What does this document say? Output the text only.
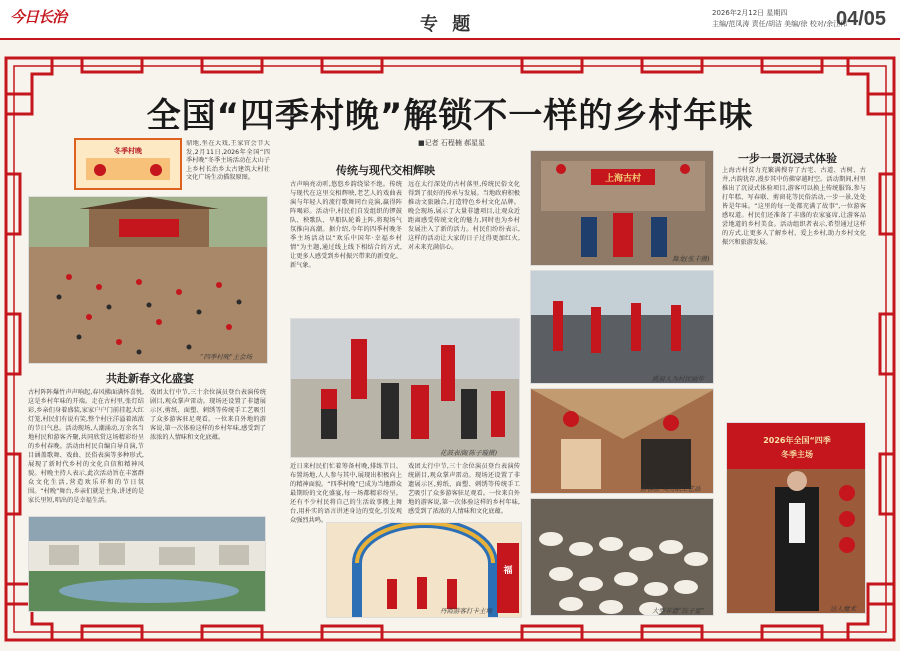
今日长治	专 题
2026年2月12日 星期四
主编/范凤涛 责任/胡洁 美编/徐 校对/余江伟
04/05
全国“四季村晚”解锁不一样的乡村年味
■记者 石程楠 郝星星
冬季村晚
鼎地,坐在大戏,王家官会节大发,2月11日,2026年全国“四季村晚”冬季主场活动在大山子上乡村长治乡太古建筑大村社文化广场生动描叙原图。
“四季村晚”主会场
共赴新春文化盛宴
古村阵阵爆竹声声响起,春风拂面满怀喜悦,这是乡村年味的开端。走在古村里,张灯结彩,乡亲们身着盛装,家家户户门前挂起大红灯笼,村民们有说有笑,整个村庄洋溢着浓浓的节日气息。活动现场,人潮涌动,万余名当地村民和游客齐聚,共同欣赏这场精彩纷呈的乡村春晚。活动由村民自编自导自演,节目涵盖歌舞、戏曲、民俗表演等多种形式,展现了新时代乡村的文化自信和精神风貌。村晚主持人表示,此次活动旨在丰富群众文化生活,营造欢乐祥和的节日氛围。“村晚”舞台,乡亲们就是主角,讲述的是家长里短,唱出的是幸福生活。
戏团太行中节,三十余位演员登台表演传统剧目,观众掌声雷动。现场还设置了非遗展示区,剪纸、面塑、刺绣等传统手工艺吸引了众多游客驻足观看。一位来自外地的游客说,第一次体验这样的乡村年味,感受到了浓浓的人情味和文化底蕴。
传统与现代交相辉映
古声响亮动听,悠悠乡韵绕梁不绝。传统与现代在这里交相辉映,老艺人的戏曲表演与年轻人的流行歌舞同台竞演,赢得阵阵喝彩。活动中,村民们自发组织的锣鼓队、秧歌队、旱船队轮番上阵,将现场气氛推向高潮。据介绍,今年的四季村晚冬季主场活动以“欢乐中国年·幸福乡村情”为主题,通过线上线下相结合的方式,让更多人感受到乡村振兴带来的新变化、新气象。
远在太行深处的古村落里,传统民俗文化得到了很好的传承与发展。当地政府积极推动文旅融合,打造特色乡村文化品牌。晚会现场,展示了大量非遗项目,让观众近距离感受传统文化的魅力,同时也为乡村发展注入了新的活力。村民们纷纷表示,这样的活动让大家的日子过得更加红火,对未来充满信心。
花鼓表演(陈子璇摄)
近日来村民们忙着筹备村晚,排练节目、布置场地,人人参与其中,展现出积极向上的精神面貌。“四季村晚”已成为当地群众最期盼的文化盛宴,每一场都精彩纷呈。还有不少村民将自己的生活故事搬上舞台,用朴实的语言讲述身边的变化,引发观众强烈共鸣。
戏团太行中节,三十余位演员登台表演传统剧目,观众掌声雷动。现场还设置了非遗展示区,剪纸、面塑、刺绣等传统手工艺吸引了众多游客驻足观看。一位来自外地的游客说,第一次体验这样的乡村年味,感受到了浓浓的人情味和文化底蕴。
福
丹霞游客打卡主场
上海古村
舞龙(张丰摄)
挑眉人为村民画年
游客品 买剪纸工艺品
大型非遗“饺子宴”
一步一景沉浸式体验
上海古村贫力充繁满搜存了古宅、古道、古树、古井,古韵犹存,漫步其中仿佛穿越时空。活动期间,村里推出了沉浸式体验项目,游客可以换上传统服饰,参与打年糕、写春联、剪窗花等民俗活动,一步一景,处处皆是年味。“这里的每一处都充满了故事”,一位游客感叹道。村民们还准备了丰盛的农家宴席,让游客品尝地道的乡村美食。活动组织者表示,希望通过这样的方式,让更多人了解乡村、爱上乡村,助力乡村文化振兴和旅游发展。
2026年全国“四季
冬季主场
达人魔术
